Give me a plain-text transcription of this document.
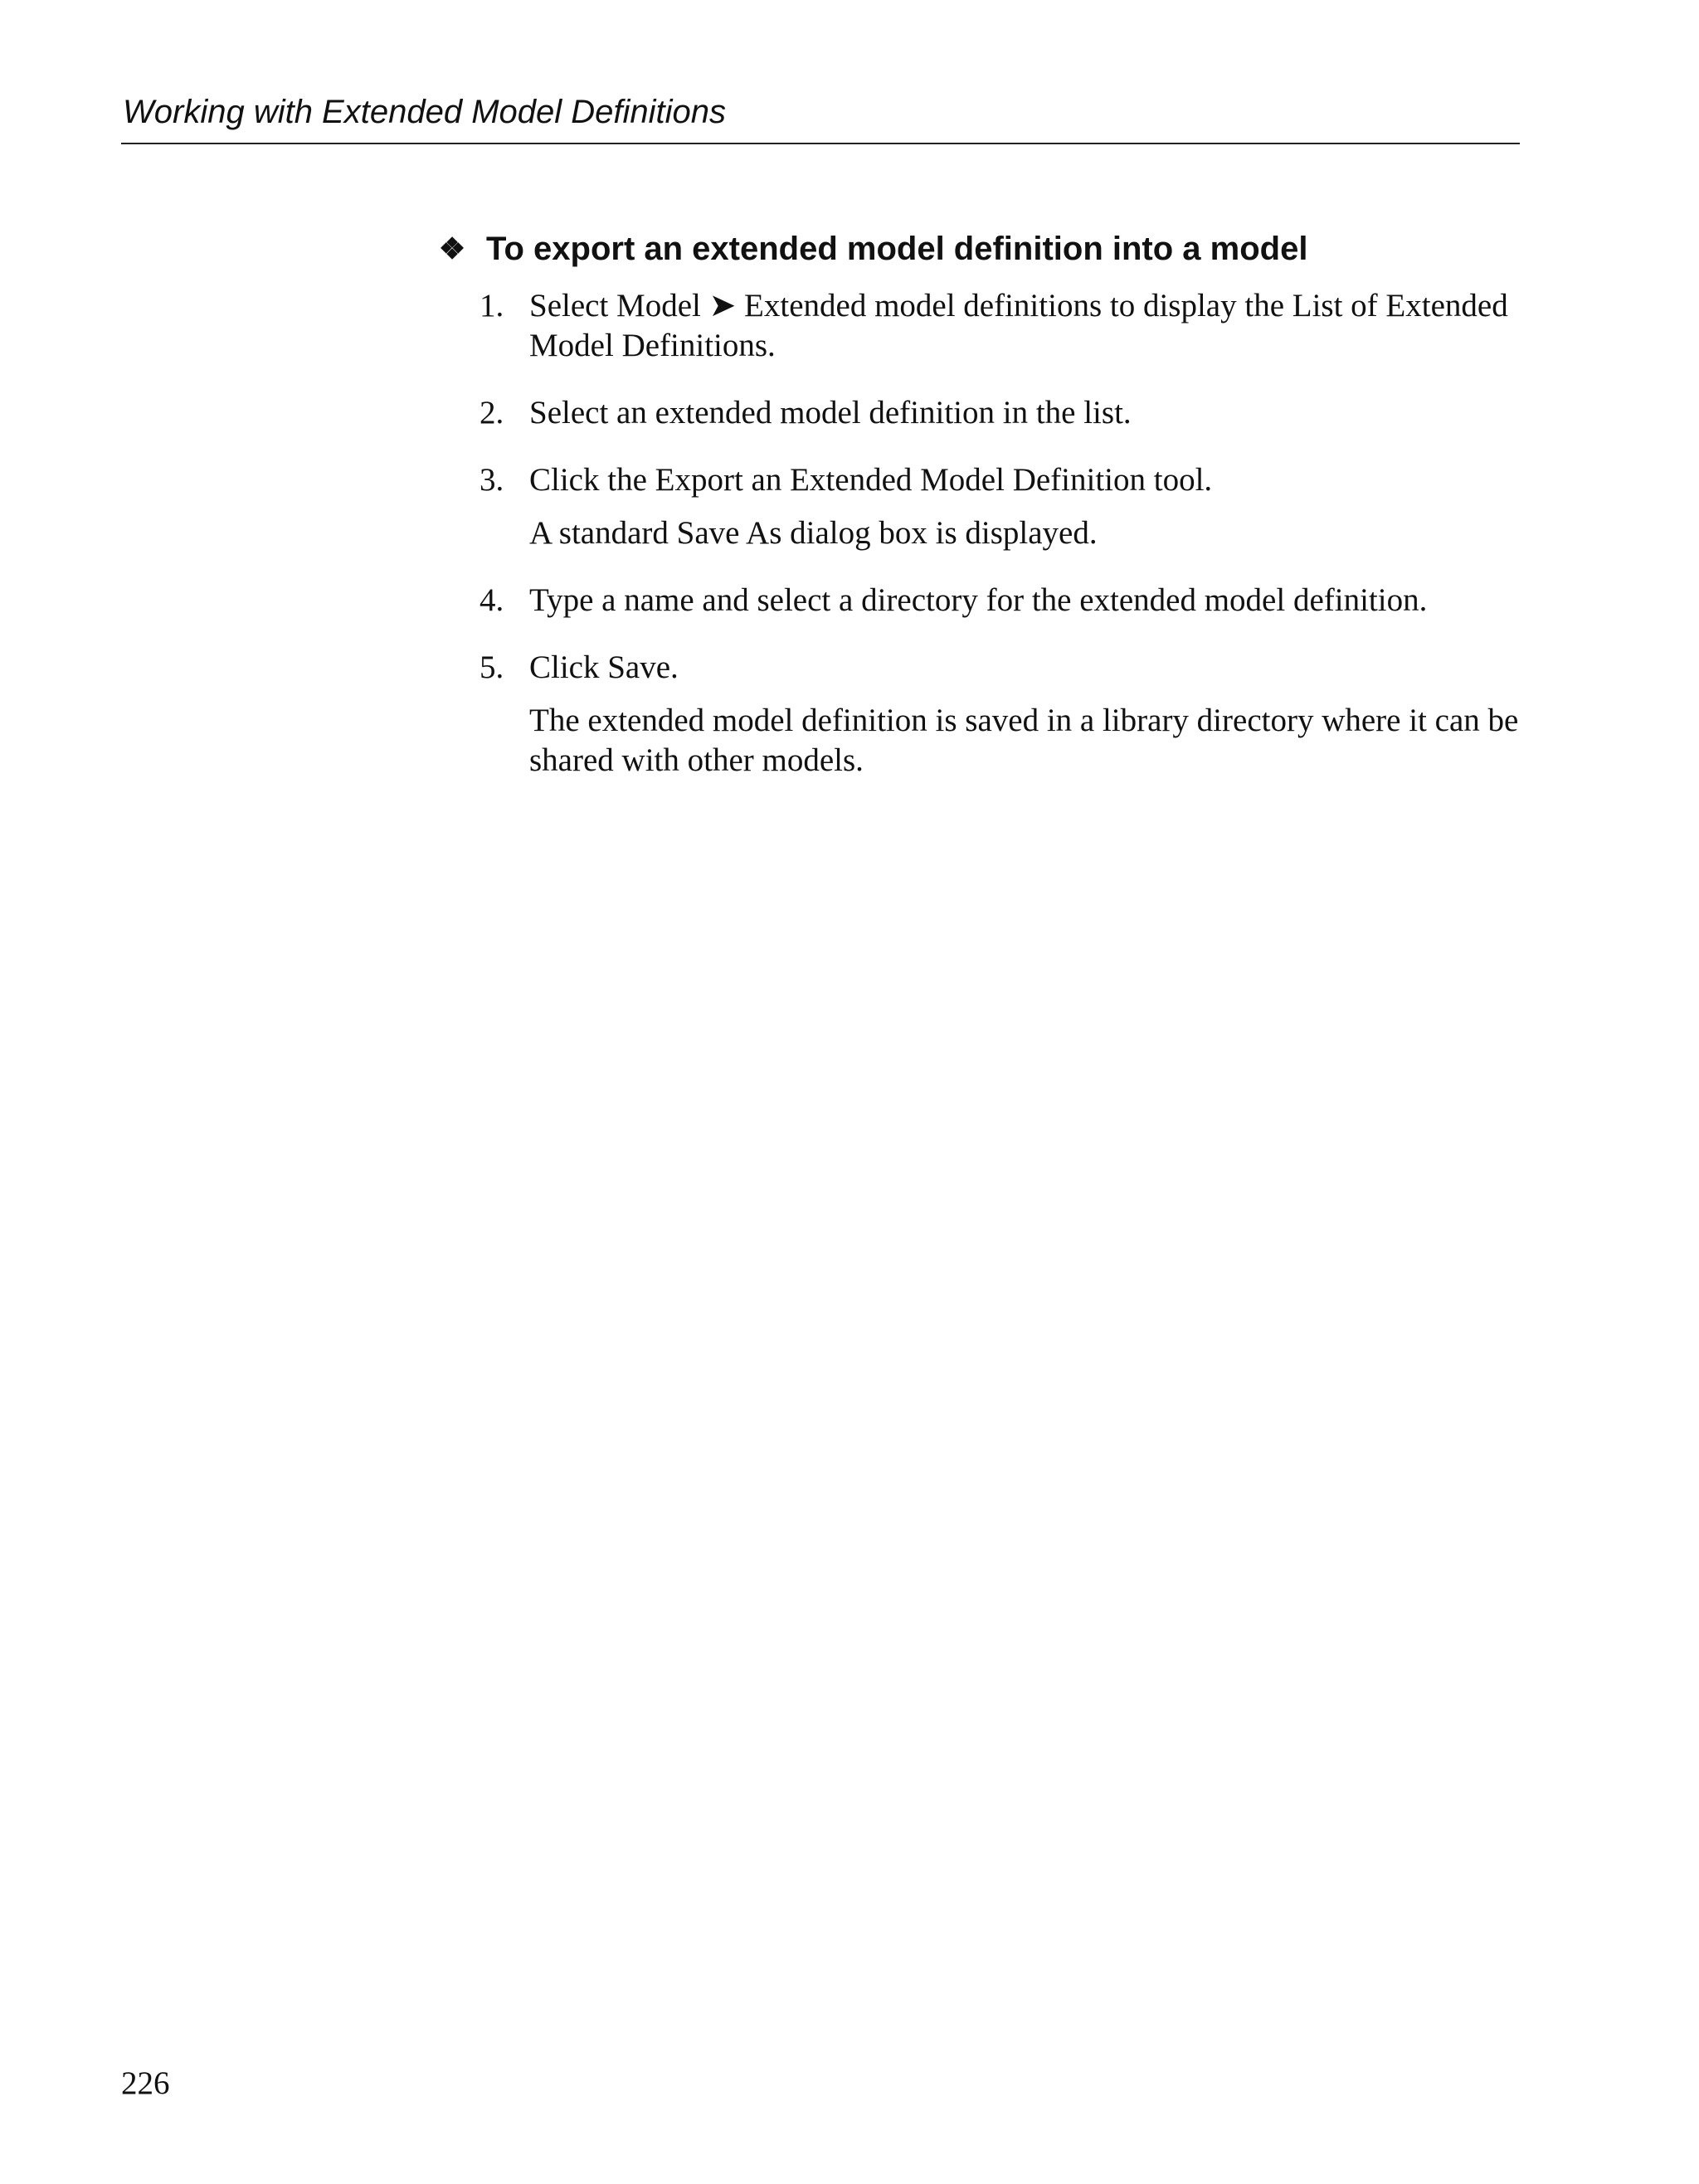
Working with Extended Model Definitions
❖ To export an extended model definition into a model
1. Select Model ➤ Extended model definitions to display the List of Extended Model Definitions.

2. Select an extended model definition in the list.

3. Click the Export an Extended Model Definition tool.

A standard Save As dialog box is displayed.

4. Type a name and select a directory for the extended model definition.

5. Click Save.

The extended model definition is saved in a library directory where it can be shared with other models.

226
